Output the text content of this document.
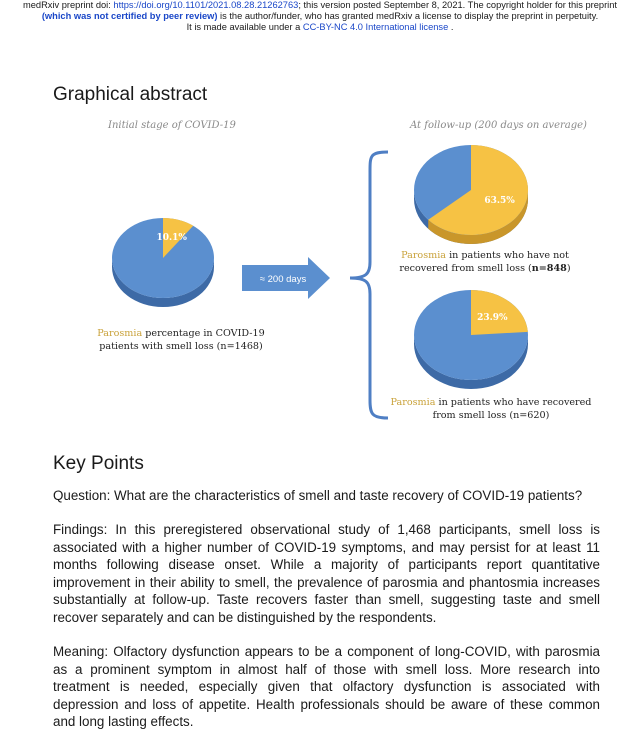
medRxiv preprint doi: https://doi.org/10.1101/2021.08.28.21262763; this version posted September 8, 2021. The copyright holder for this preprint
(which was not certified by peer review) is the author/funder, who has granted medRxiv a license to display the preprint in perpetuity.
It is made available under a CC-BY-NC 4.0 International license .
Graphical abstract
Initial stage of COVID-19	At follow-up (200 days on average)
10.1%
63.5%
23.9%
≈ 200 days
Parosmia percentage in COVID-19
patients with smell loss (n=1468)
Parosmia in patients who have not
recovered from smell loss (n=848)
Parosmia in patients who have recovered
from smell loss (n=620)
Key Points
Question: What are the characteristics of smell and taste recovery of COVID-19 patients?
Findings: In this preregistered observational study of 1,468 participants, smell loss is associated with a higher number of COVID-19 symptoms, and may persist for at least 11 months following disease onset. While a majority of participants report quantitative improvement in their ability to smell, the prevalence of parosmia and phantosmia increases substantially at follow-up. Taste recovers faster than smell, suggesting taste and smell recover separately and can be distinguished by the respondents.
Meaning: Olfactory dysfunction appears to be a component of long-COVID, with parosmia as a prominent symptom in almost half of those with smell loss. More research into treatment is needed, especially given that olfactory dysfunction is associated with depression and loss of appetite. Health professionals should be aware of these common and long lasting effects.
